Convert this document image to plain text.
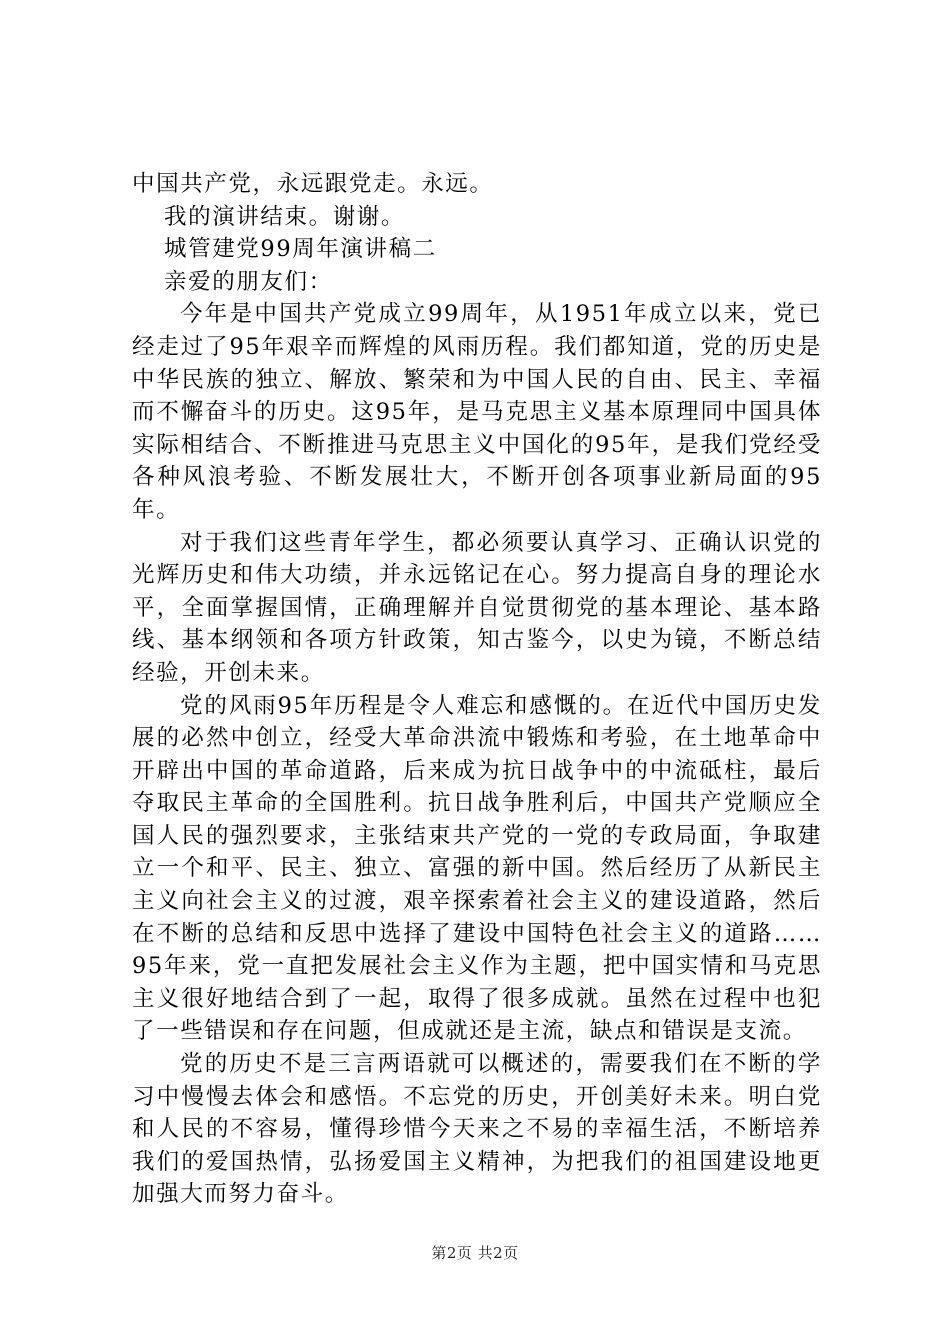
中国共产党，永远跟党走。永远。

我的演讲结束。谢谢。

城管建党99周年演讲稿二

亲爱的朋友们：

今年是中国共产党成立99周年，从1951年成立以来，党已经走过了95年艰辛而辉煌的风雨历程。我们都知道，党的历史是中华民族的独立、解放、繁荣和为中国人民的自由、民主、幸福而不懈奋斗的历史。这95年，是马克思主义基本原理同中国具体实际相结合、不断推进马克思主义中国化的95年，是我们党经受各种风浪考验、不断发展壮大，不断开创各项事业新局面的95年。

对于我们这些青年学生，都必须要认真学习、正确认识党的光辉历史和伟大功绩，并永远铭记在心。努力提高自身的理论水平，全面掌握国情，正确理解并自觉贯彻党的基本理论、基本路线、基本纲领和各项方针政策，知古鉴今，以史为镜，不断总结经验，开创未来。

党的风雨95年历程是令人难忘和感慨的。在近代中国历史发展的必然中创立，经受大革命洪流中锻炼和考验，在土地革命中开辟出中国的革命道路，后来成为抗日战争中的中流砥柱，最后夺取民主革命的全国胜利。抗日战争胜利后，中国共产党顺应全国人民的强烈要求，主张结束共产党的一党的专政局面，争取建立一个和平、民主、独立、富强的新中国。然后经历了从新民主主义向社会主义的过渡，艰辛探索着社会主义的建设道路，然后在不断的总结和反思中选择了建设中国特色社会主义的道路……95年来，党一直把发展社会主义作为主题，把中国实情和马克思主义很好地结合到了一起，取得了很多成就。虽然在过程中也犯了一些错误和存在问题，但成就还是主流，缺点和错误是支流。

党的历史不是三言两语就可以概述的，需要我们在不断的学习中慢慢去体会和感悟。不忘党的历史，开创美好未来。明白党和人民的不容易，懂得珍惜今天来之不易的幸福生活，不断培养我们的爱国热情，弘扬爱国主义精神，为把我们的祖国建设地更加强大而努力奋斗。

第2页 共2页
